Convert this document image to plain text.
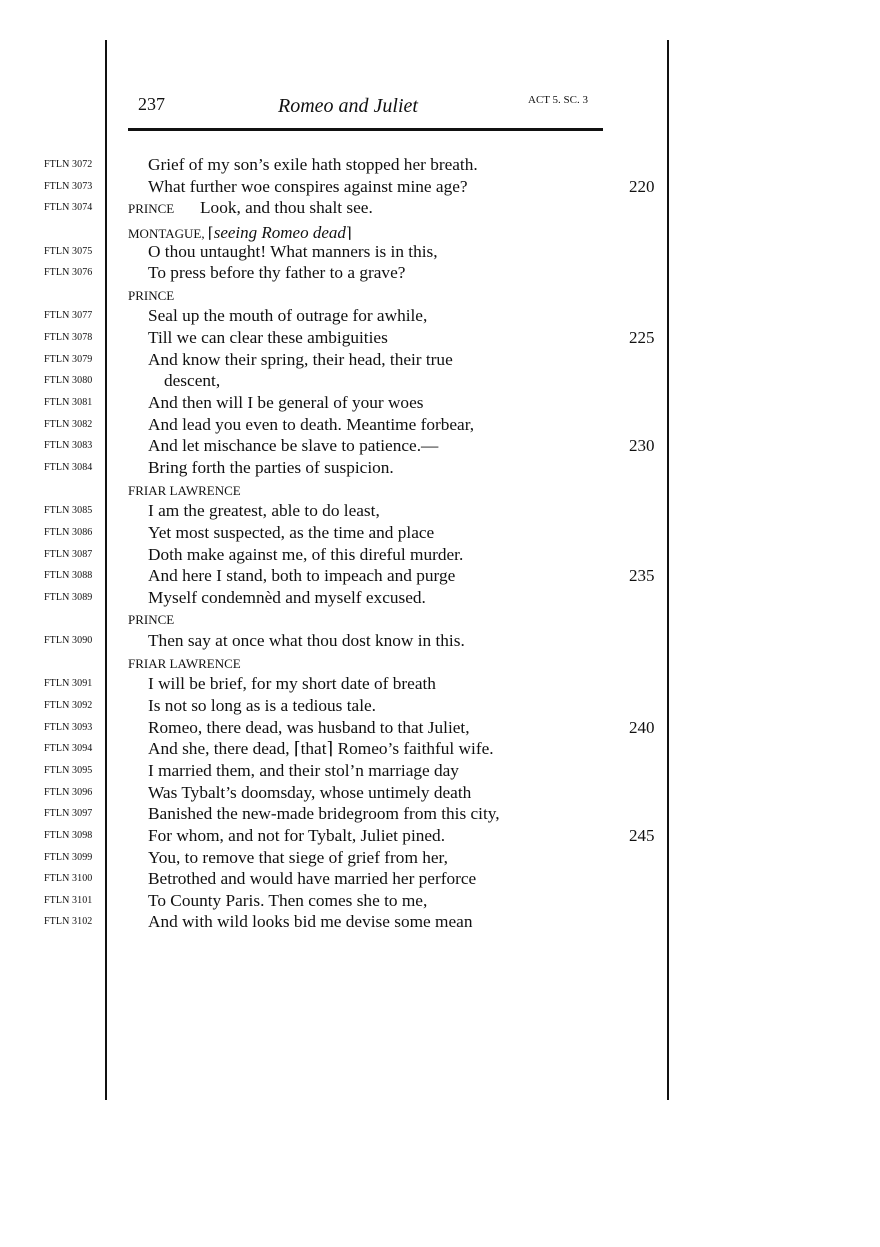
237	Romeo and Juliet	ACT 5. SC. 3
FTLN 3072	Grief of my son’s exile hath stopped her breath.
FTLN 3073	What further woe conspires against mine age?	220
FTLN 3074	PRINCE Look, and thou shalt see.
MONTAGUE, ⌈seeing Romeo dead⌉
FTLN 3075	O thou untaught! What manners is in this,
FTLN 3076	To press before thy father to a grave?
PRINCE
FTLN 3077	Seal up the mouth of outrage for awhile,
FTLN 3078	Till we can clear these ambiguities	225
FTLN 3079	And know their spring, their head, their true
FTLN 3080	descent,
FTLN 3081	And then will I be general of your woes
FTLN 3082	And lead you even to death. Meantime forbear,
FTLN 3083	And let mischance be slave to patience.—	230
FTLN 3084	Bring forth the parties of suspicion.
FRIAR LAWRENCE
FTLN 3085	I am the greatest, able to do least,
FTLN 3086	Yet most suspected, as the time and place
FTLN 3087	Doth make against me, of this direful murder.
FTLN 3088	And here I stand, both to impeach and purge	235
FTLN 3089	Myself condemnèd and myself excused.
PRINCE
FTLN 3090	Then say at once what thou dost know in this.
FRIAR LAWRENCE
FTLN 3091	I will be brief, for my short date of breath
FTLN 3092	Is not so long as is a tedious tale.
FTLN 3093	Romeo, there dead, was husband to that Juliet,	240
FTLN 3094	And she, there dead, ⌈that⌉ Romeo’s faithful wife.
FTLN 3095	I married them, and their stol’n marriage day
FTLN 3096	Was Tybalt’s doomsday, whose untimely death
FTLN 3097	Banished the new-made bridegroom from this city,
FTLN 3098	For whom, and not for Tybalt, Juliet pined.	245
FTLN 3099	You, to remove that siege of grief from her,
FTLN 3100	Betrothed and would have married her perforce
FTLN 3101	To County Paris. Then comes she to me,
FTLN 3102	And with wild looks bid me devise some mean
